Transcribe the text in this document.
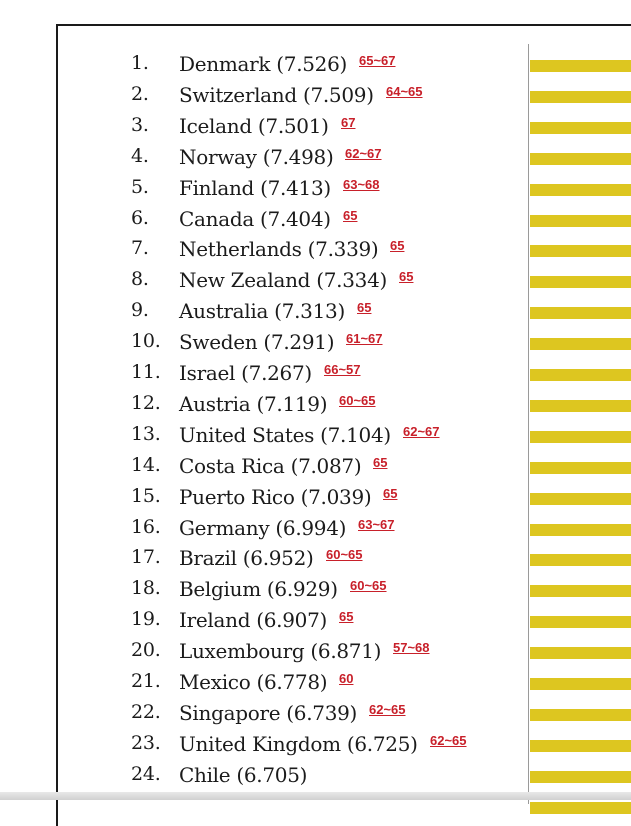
1.	Denmark (7.526) 65~67
2.	Switzerland (7.509) 64~65
3.	Iceland (7.501) 67
4.	Norway (7.498) 62~67
5.	Finland (7.413) 63~68
6.	Canada (7.404) 65
7.	Netherlands (7.339) 65
8.	New Zealand (7.334) 65
9.	Australia (7.313) 65
10. Sweden (7.291) 61~67
11. Israel (7.267) 66~57
12. Austria (7.119) 60~65
13. United States (7.104) 62~67
14. Costa Rica (7.087) 65
15. Puerto Rico (7.039) 65
16. Germany (6.994) 63~67
17. Brazil (6.952) 60~65
18. Belgium (6.929) 60~65
19. Ireland (6.907) 65
20. Luxembourg (6.871) 57~68
21. Mexico (6.778) 60
22. Singapore (6.739) 62~65
23. United Kingdom (6.725) 62~65
24. Chile (6.705)
